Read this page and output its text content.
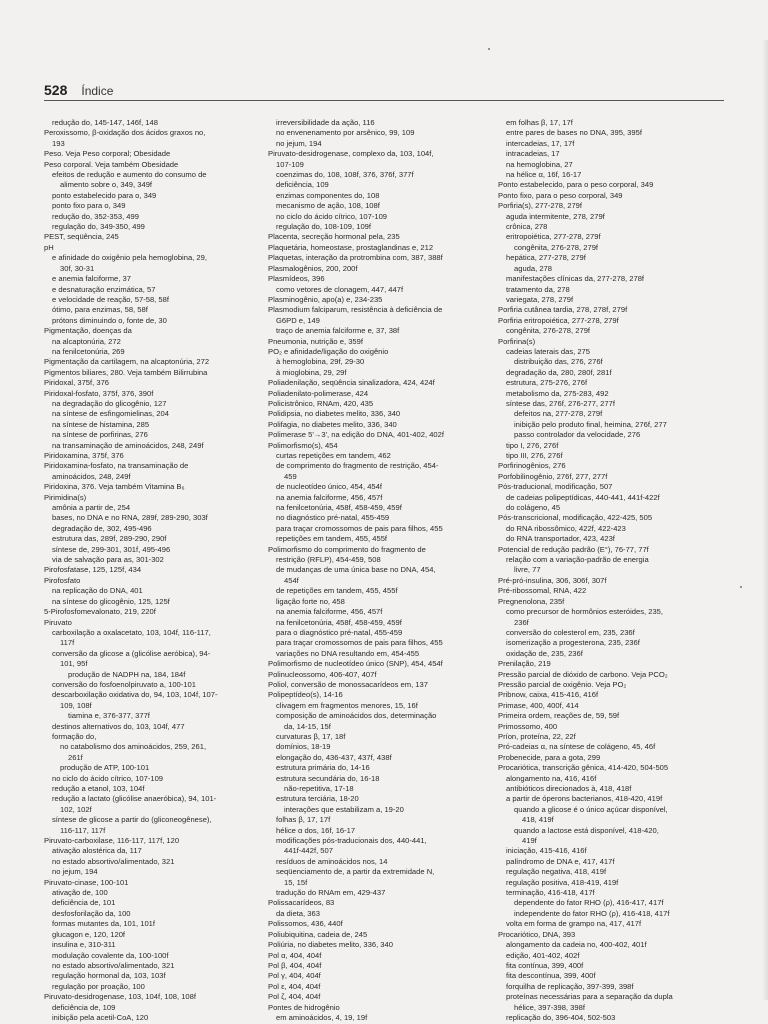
528 Índice
redução do, 145-147, 146f, 148
Peroxissomo, β-oxidação dos ácidos graxos no,
193
Peso. Veja Peso corporal; Obesidade
Peso corporal. Veja também Obesidade
efeitos de redução e aumento do consumo de
alimento sobre o, 349, 349f
ponto estabelecido para o, 349
ponto fixo para o, 349
redução do, 352-353, 499
regulação do, 349-350, 499
PEST, seqüência, 245
pH
e afinidade do oxigênio pela hemoglobina, 29,
30f, 30-31
e anemia falciforme, 37
e desnaturação enzimática, 57
e velocidade de reação, 57-58, 58f
ótimo, para enzimas, 58, 58f
prótons diminuindo o, fonte de, 30
Pigmentação, doenças da
na alcaptonúria, 272
na fenilcetonúria, 269
Pigmentação da cartilagem, na alcaptonúria, 272
Pigmentos biliares, 280. Veja também Bilirrubina
Piridoxal, 375f, 376
Piridoxal-fosfato, 375f, 376, 390f
na degradação do glicogênio, 127
na síntese de esfingomielinas, 204
na síntese de histamina, 285
na síntese de porfirinas, 276
na transaminação de aminoácidos, 248, 249f
Piridoxamina, 375f, 376
Piridoxamina-fosfato, na transaminação de
aminoácidos, 248, 249f
Piridoxina, 376. Veja também Vitamina B₆
Pirimidina(s)
amônia a partir de, 254
bases, no DNA e no RNA, 289f, 289-290, 303f
degradação de, 302, 495-496
estrutura das, 289f, 289-290, 290f
síntese de, 299-301, 301f, 495-496
via de salvação para as, 301-302
Pirofosfatase, 125, 125f, 434
Pirofosfato
na replicação do DNA, 401
na síntese do glicogênio, 125, 125f
5-Pirofosfomevalonato, 219, 220f
Piruvato
carboxilação a oxalacetato, 103, 104f, 116-117,
117f
conversão da glicose a (glicólise aeróbica), 94-
101, 95f
produção de NADPH na, 184, 184f
conversão do fosfoenolpiruvato a, 100-101
descarboxilação oxidativa do, 94, 103, 104f, 107-
109, 108f
tiamina e, 376-377, 377f
destinos alternativos do, 103, 104f, 477
formação do,
no catabolismo dos aminoácidos, 259, 261,
261f
produção de ATP, 100-101
no ciclo do ácido cítrico, 107-109
redução a etanol, 103, 104f
redução a lactato (glicólise anaeróbica), 94, 101-
102, 102f
síntese de glicose a partir do (gliconeogênese),
116-117, 117f
Piruvato-carboxilase, 116-117, 117f, 120
ativação alostérica da, 117
no estado absortivo/alimentado, 321
no jejum, 194
Piruvato-cinase, 100-101
ativação de, 100
deficiência de, 101
desfosforilação da, 100
formas mutantes da, 101, 101f
glucagon e, 120, 120f
insulina e, 310-311
modulação covalente da, 100-100f
no estado absortivo/alimentado, 321
regulação hormonal da, 103, 103f
regulação por proação, 100
Piruvato-desidrogenase, 103, 104f, 108, 108f
deficiência de, 109
inibição pela acetil-CoA, 120
irreversibilidade da ação, 116
no envenenamento por arsênico, 99, 109
no jejum, 194
Piruvato-desidrogenase, complexo da, 103, 104f,
107-109
coenzimas do, 108, 108f, 376, 376f, 377f
deficiência, 109
enzimas componentes do, 108
mecanismo de ação, 108, 108f
no ciclo do ácido cítrico, 107-109
regulação do, 108-109, 109f
Placenta, secreção hormonal pela, 235
Plaquetária, homeostase, prostaglandinas e, 212
Plaquetas, interação da protrombina com, 387, 388f
Plasmalogênios, 200, 200f
Plasmídeos, 396
como vetores de clonagem, 447, 447f
Plasminogênio, apo(a) e, 234-235
Plasmodium falciparum, resistência à deficiência de
G6PD e, 149
traço de anemia falciforme e, 37, 38f
Pneumonia, nutrição e, 359f
PO₂ e afinidade/ligação do oxigênio
à hemoglobina, 29f, 29-30
à mioglobina, 29, 29f
Poliadenilação, seqüência sinalizadora, 424, 424f
Poliadenilato-polimerase, 424
Policistrônico, RNAm, 420, 435
Polidipsia, no diabetes melito, 336, 340
Polifagia, no diabetes melito, 336, 340
Polimerase 5'→3', na edição do DNA, 401-402, 402f
Polimorfismo(s), 454
curtas repetições em tandem, 462
de comprimento do fragmento de restrição, 454-
459
de nucleotídeo único, 454, 454f
na anemia falciforme, 456, 457f
na fenilcetonúria, 458f, 458-459, 459f
no diagnóstico pré-natal, 455-459
para traçar cromossomos de pais para filhos, 455
repetições em tandem, 455, 455f
Polimorfismo do comprimento do fragmento de
restrição (RFLP), 454-459, 508
de mudanças de uma única base no DNA, 454,
454f
de repetições em tandem, 455, 455f
ligação forte no, 458
na anemia falciforme, 456, 457f
na fenilcetonúria, 458f, 458-459, 459f
para o diagnóstico pré-natal, 455-459
para traçar cromossomos de pais para filhos, 455
variações no DNA resultando em, 454-455
Polimorfismo de nucleotídeo único (SNP), 454, 454f
Polinucleossomo, 406-407, 407f
Poliol, conversão de monossacarídeos em, 137
Polipeptídeo(s), 14-16
clivagem em fragmentos menores, 15, 16f
composição de aminoácidos dos, determinação
da, 14-15, 15f
curvaturas β, 17, 18f
domínios, 18-19
elongação do, 436-437, 437f, 438f
estrutura primária do, 14-16
estrutura secundária do, 16-18
não-repetitiva, 17-18
estrutura terciária, 18-20
interações que estabilizam a, 19-20
folhas β, 17, 17f
hélice α dos, 16f, 16-17
modificações pós-traducionais dos, 440-441,
441f-442f, 507
resíduos de aminoácidos nos, 14
seqüenciamento de, a partir da extremidade N,
15, 15f
tradução do RNAm em, 429-437
Polissacarídeos, 83
da dieta, 363
Polissomos, 436, 440f
Poliubiquitina, cadeia de, 245
Poliúria, no diabetes melito, 336, 340
Pol α, 404, 404f
Pol β, 404, 404f
Pol γ, 404, 404f
Pol ε, 404, 404f
Pol ζ, 404, 404f
Pontes de hidrogênio
em aminoácidos, 4, 19, 19f
em folhas β, 17, 17f
entre pares de bases no DNA, 395, 395f
intercadeias, 17, 17f
intracadeias, 17
na hemoglobina, 27
na hélice α, 16f, 16-17
Ponto estabelecido, para o peso corporal, 349
Ponto fixo, para o peso corporal, 349
Porfiria(s), 277-278, 279f
aguda intermitente, 278, 279f
crônica, 278
eritropoiética, 277-278, 279f
congênita, 276-278, 279f
hepática, 277-278, 279f
aguda, 278
manifestações clínicas da, 277-278, 278f
tratamento da, 278
variegata, 278, 279f
Porfiria cutânea tardia, 278, 278f, 279f
Porfiria eritropoiética, 277-278, 279f
congênita, 276-278, 279f
Porfirina(s)
cadeias laterais das, 275
distribuição das, 276, 276f
degradação da, 280, 280f, 281f
estrutura, 275-276, 276f
metabolismo da, 275-283, 492
síntese das, 276f, 276-277, 277f
defeitos na, 277-278, 279f
inibição pelo produto final, heimina, 276f, 277
passo controlador da velocidade, 276
tipo I, 276, 276f
tipo III, 276, 276f
Porfirinogênios, 276
Porfobilinogênio, 276f, 277, 277f
Pós-traducional, modificação, 507
de cadeias polipeptídicas, 440-441, 441f-422f
do colágeno, 45
Pós-transcricional, modificação, 422-425, 505
do RNA ribossômico, 422f, 422-423
do RNA transportador, 423, 423f
Potencial de redução padrão (E°), 76-77, 77f
relação com a variação-padrão de energia
livre, 77
Pré-pró-insulina, 306, 306f, 307f
Pré-ribossomal, RNA, 422
Pregnenolona, 235f
como precursor de hormônios esteróides, 235,
236f
conversão do colesterol em, 235, 236f
isomerização a progesterona, 235, 236f
oxidação de, 235, 236f
Prenilação, 219
Pressão parcial de dióxido de carbono. Veja PCO₂
Pressão parcial de oxigênio. Veja PO₂
Pribnow, caixa, 415-416, 416f
Primase, 400, 400f, 414
Primeira ordem, reações de, 59, 59f
Primossomo, 400
Príon, proteína, 22, 22f
Pró-cadeias α, na síntese de colágeno, 45, 46f
Probenecide, para a gota, 299
Procariótica, transcrição gênica, 414-420, 504-505
alongamento na, 416, 416f
antibióticos direcionados à, 418, 418f
a partir de óperons bacterianos, 418-420, 419f
quando a glicose é o único açúcar disponível,
418, 419f
quando a lactose está disponível, 418-420,
419f
iniciação, 415-416, 416f
palíndromo de DNA e, 417, 417f
regulação negativa, 418, 419f
regulação positiva, 418-419, 419f
terminação, 416-418, 417f
dependente do fator RHO (ρ), 416-417, 417f
independente do fator RHO (ρ), 416-418, 417f
volta em forma de grampo na, 417, 417f
Procariótico, DNA, 393
alongamento da cadeia no, 400-402, 401f
edição, 401-402, 402f
fita contínua, 399, 400f
fita descontínua, 399, 400f
forquilha de replicação, 397-399, 398f
proteínas necessárias para a separação da dupla
hélice, 397-398, 398f
replicação do, 396-404, 502-503
